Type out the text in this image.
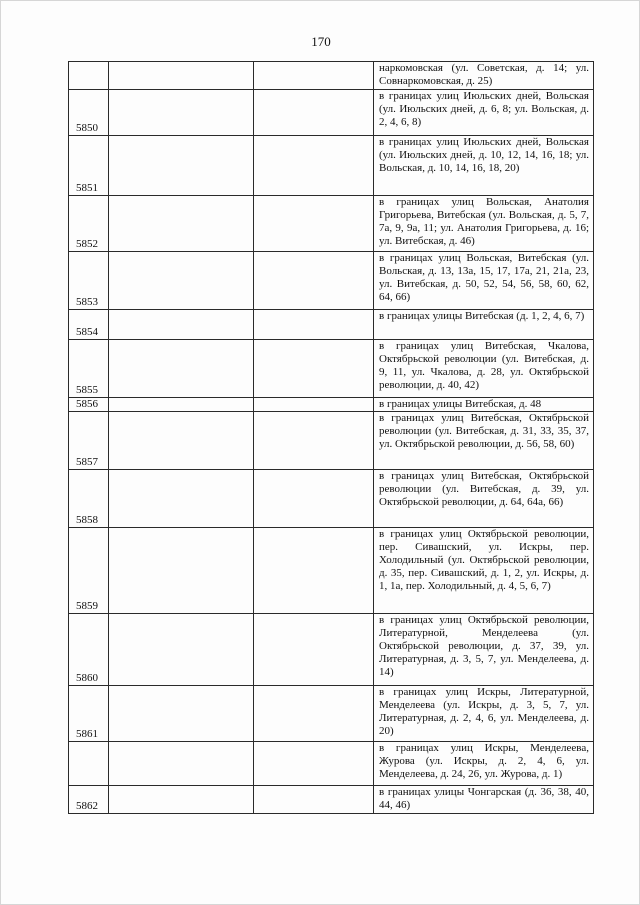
170
			наркомовская (ул. Советская, д. 14; ул. Совнаркомовская, д. 25)
5850			в границах улиц Июльских дней, Вольская (ул. Июльских дней, д. 6, 8; ул. Вольская, д. 2, 4, 6, 8)
5851			в границах улиц Июльских дней, Вольская (ул. Июльских дней, д. 10, 12, 14, 16, 18; ул. Вольская, д. 10, 14, 16, 18, 20)
5852			в границах улиц Вольская, Анатолия Григорьева, Витебская (ул. Вольская, д. 5, 7, 7а, 9, 9а, 11; ул. Анатолия Григорьева, д. 16; ул. Витебская, д. 46)
5853			в границах улиц Вольская, Витебская (ул. Вольская, д. 13, 13а, 15, 17, 17а, 21, 21а, 23, ул. Витебская, д. 50, 52, 54, 56, 58, 60, 62, 64, 66)
5854			в границах улицы Витебская (д. 1, 2, 4, 6, 7)
5855			в границах улиц Витебская, Чкалова, Октябрьской революции (ул. Витебская, д. 9, 11, ул. Чкалова, д. 28, ул. Октябрьской революции, д. 40, 42)
5856			в границах улицы Витебская, д. 48
5857			в границах улиц Витебская, Октябрьской революции (ул. Витебская, д. 31, 33, 35, 37, ул. Октябрьской революции, д. 56, 58, 60)
5858			в границах улиц Витебская, Октябрьской революции (ул. Витебская, д. 39, ул. Октябрьской революции, д. 64, 64а, 66)
5859			в границах улиц Октябрьской революции, пер. Сивашский, ул. Искры, пер. Холодильный (ул. Октябрьской революции, д. 35, пер. Сивашский, д. 1, 2, ул. Искры, д. 1, 1а, пер. Холодильный, д. 4, 5, 6, 7)
5860			в границах улиц Октябрьской революции, Литературной, Менделеева (ул. Октябрьской революции, д. 37, 39, ул. Литературная, д. 3, 5, 7, ул. Менделеева, д. 14)
5861			в границах улиц Искры, Литературной, Менделеева (ул. Искры, д. 3, 5, 7, ул. Литературная, д. 2, 4, 6, ул. Менделеева, д. 20)
			в границах улиц Искры, Менделеева, Журова (ул. Искры, д. 2, 4, 6, ул. Менделеева, д. 24, 26, ул. Журова, д. 1)
5862			в границах улицы Чонгарская (д. 36, 38, 40, 44, 46)
